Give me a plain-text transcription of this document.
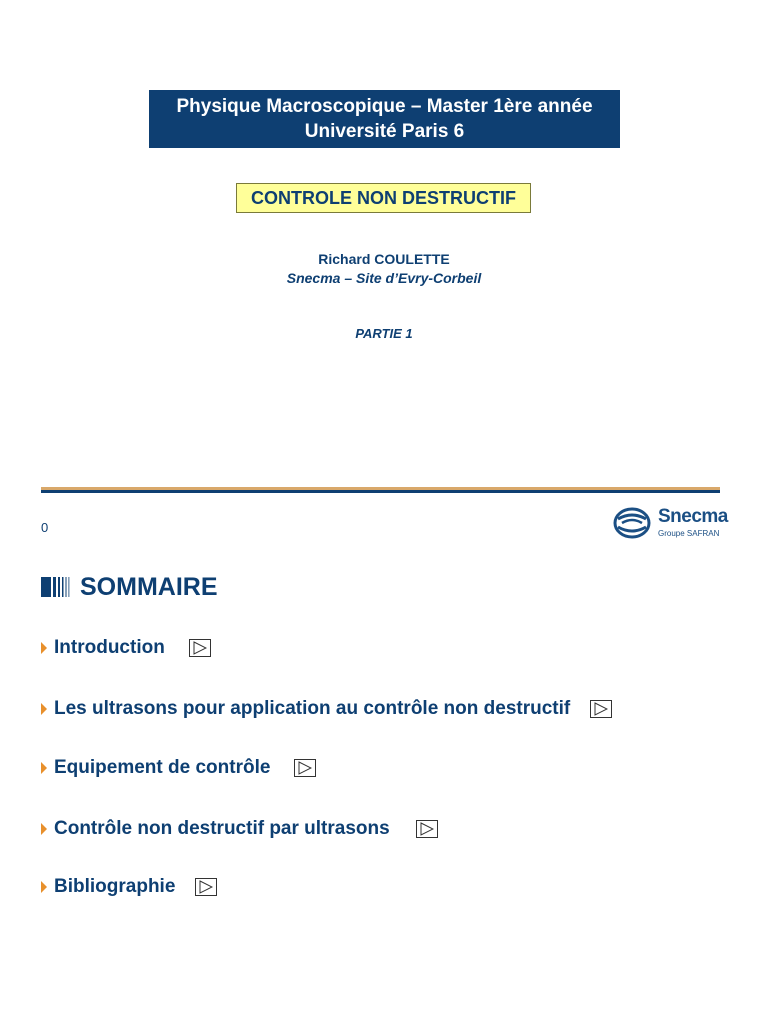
Physique Macroscopique – Master 1ère année
Université Paris 6
CONTROLE NON DESTRUCTIF
Richard COULETTE
Snecma – Site d’Evry-Corbeil
PARTIE 1
0
Snecma
Groupe SAFRAN
SOMMAIRE
Introduction
Les ultrasons pour application au contrôle non destructif
Equipement de contrôle
Contrôle non destructif par ultrasons
Bibliographie
